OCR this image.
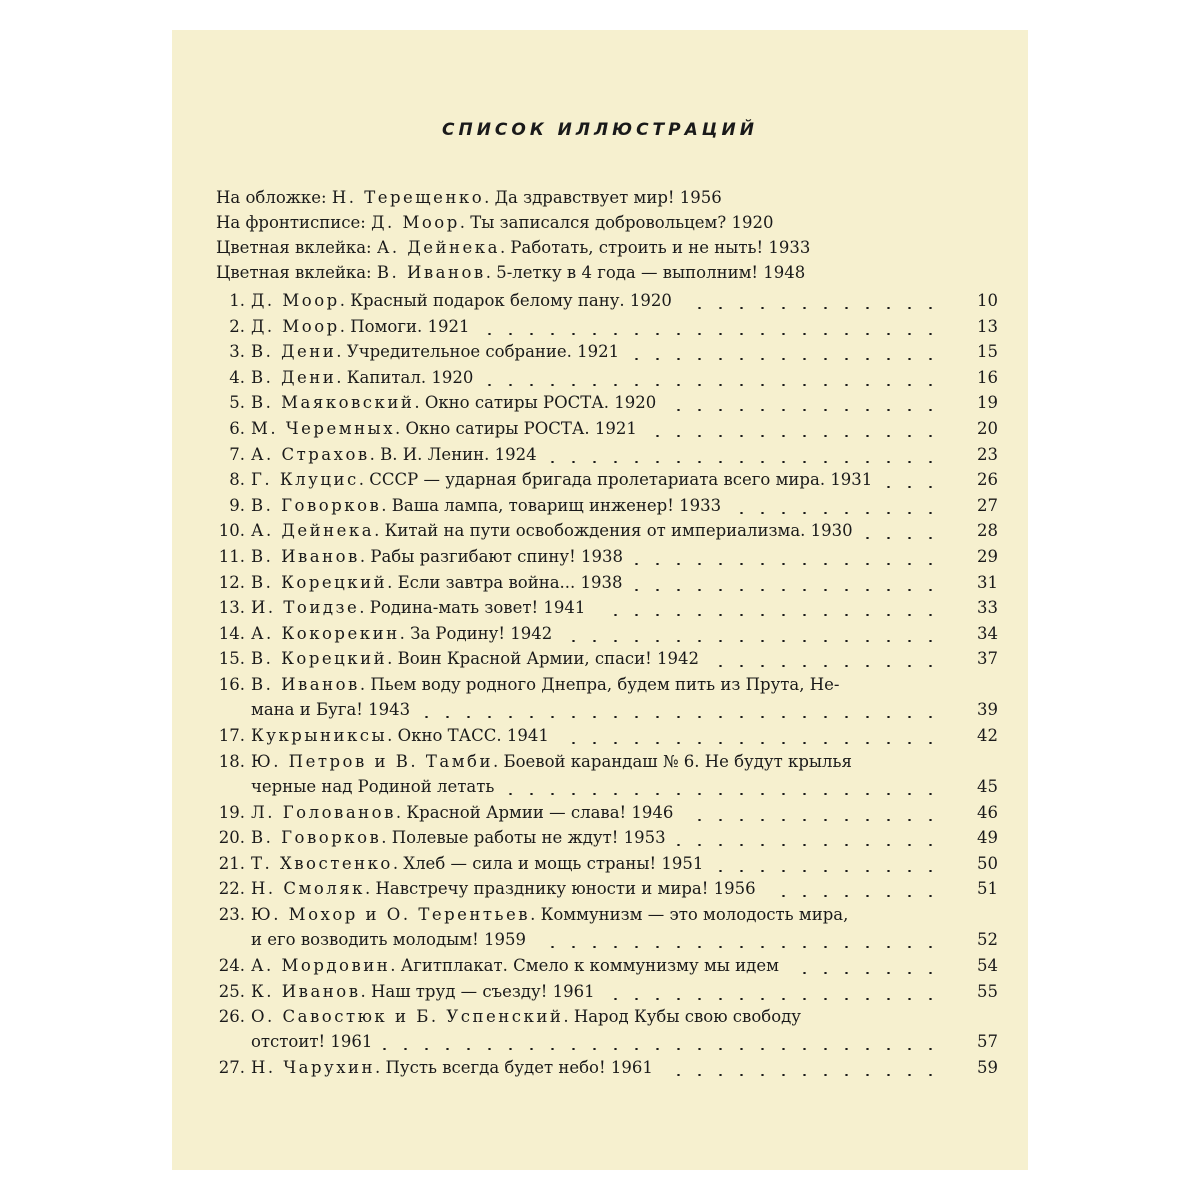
СПИСОК ИЛЛЮСТРАЦИЙ
На обложке: Н. Терещенко. Да здравствует мир! 1956
На фронтисписе: Д. Моор. Ты записался добровольцем? 1920
Цветная вклейка: А. Дейнека. Работать, строить и не ныть! 1933
Цветная вклейка: В. Иванов. 5-летку в 4 года — выполним! 1948
1. Д. Моор. Красный подарок белому пану. 1920	10
2. Д. Моор. Помоги. 1921	13
3. В. Дени. Учредительное собрание. 1921	15
4. В. Дени. Капитал. 1920	16
5. В. Маяковский. Окно сатиры РОСТА. 1920	19
6. М. Черемных. Окно сатиры РОСТА. 1921	20
7. А. Страхов. В. И. Ленин. 1924	23
8. Г. Клуцис. СССР — ударная бригада пролетариата всего мира. 1931	26
9. В. Говорков. Ваша лампа, товарищ инженер! 1933	27
10. А. Дейнека. Китай на пути освобождения от империализма. 1930	28
11. В. Иванов. Рабы разгибают спину! 1938	29
12. В. Корецкий. Если завтра война... 1938	31
13. И. Тоидзе. Родина-мать зовет! 1941	33
14. А. Кокорекин. За Родину! 1942	34
15. В. Корецкий. Воин Красной Армии, спаси! 1942	37
16. В. Иванов. Пьем воду родного Днепра, будем пить из Прута, Не-
мана и Буга! 1943	39
17. Кукрыниксы. Окно ТАСС. 1941	42
18. Ю. Петров и В. Тамби. Боевой карандаш № 6. Не будут крылья
черные над Родиной летать	45
19. Л. Голованов. Красной Армии — слава! 1946	46
20. В. Говорков. Полевые работы не ждут! 1953	49
21. Т. Хвостенко. Хлеб — сила и мощь страны! 1951	50
22. Н. Смоляк. Навстречу празднику юности и мира! 1956	51
23. Ю. Мохор и О. Терентьев. Коммунизм — это молодость мира,
и его возводить молодым! 1959	52
24. А. Мордовин. Агитплакат. Смело к коммунизму мы идем	54
25. К. Иванов. Наш труд — съезду! 1961	55
26. О. Савостюк и Б. Успенский. Народ Кубы свою свободу
отстоит! 1961	57
27. Н. Чарухин. Пусть всегда будет небо! 1961	59
